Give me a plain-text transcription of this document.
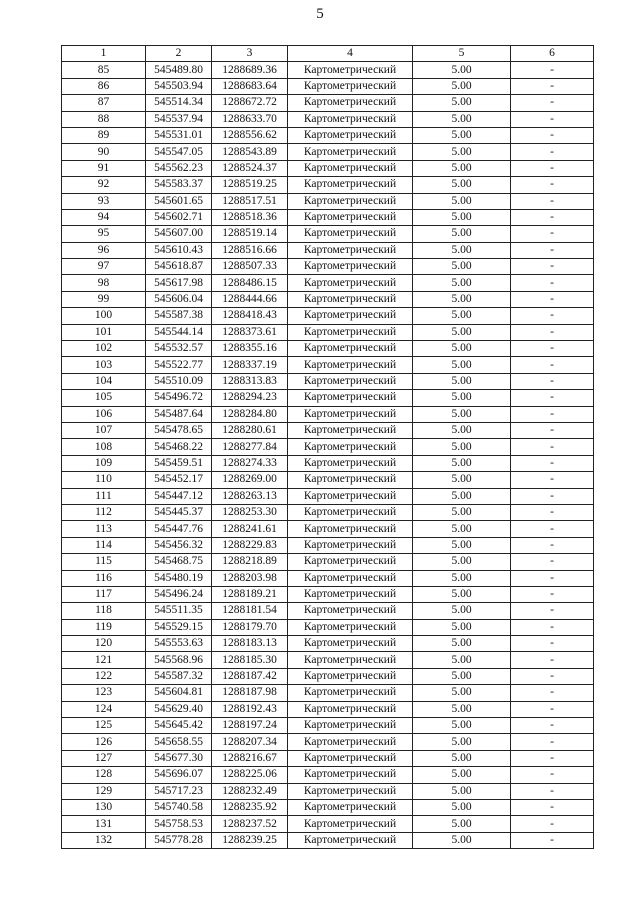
5
1	2	3	4	5	6
85	545489.80	1288689.36	Картометрический	5.00	-
86	545503.94	1288683.64	Картометрический	5.00	-
87	545514.34	1288672.72	Картометрический	5.00	-
88	545537.94	1288633.70	Картометрический	5.00	-
89	545531.01	1288556.62	Картометрический	5.00	-
90	545547.05	1288543.89	Картометрический	5.00	-
91	545562.23	1288524.37	Картометрический	5.00	-
92	545583.37	1288519.25	Картометрический	5.00	-
93	545601.65	1288517.51	Картометрический	5.00	-
94	545602.71	1288518.36	Картометрический	5.00	-
95	545607.00	1288519.14	Картометрический	5.00	-
96	545610.43	1288516.66	Картометрический	5.00	-
97	545618.87	1288507.33	Картометрический	5.00	-
98	545617.98	1288486.15	Картометрический	5.00	-
99	545606.04	1288444.66	Картометрический	5.00	-
100	545587.38	1288418.43	Картометрический	5.00	-
101	545544.14	1288373.61	Картометрический	5.00	-
102	545532.57	1288355.16	Картометрический	5.00	-
103	545522.77	1288337.19	Картометрический	5.00	-
104	545510.09	1288313.83	Картометрический	5.00	-
105	545496.72	1288294.23	Картометрический	5.00	-
106	545487.64	1288284.80	Картометрический	5.00	-
107	545478.65	1288280.61	Картометрический	5.00	-
108	545468.22	1288277.84	Картометрический	5.00	-
109	545459.51	1288274.33	Картометрический	5.00	-
110	545452.17	1288269.00	Картометрический	5.00	-
111	545447.12	1288263.13	Картометрический	5.00	-
112	545445.37	1288253.30	Картометрический	5.00	-
113	545447.76	1288241.61	Картометрический	5.00	-
114	545456.32	1288229.83	Картометрический	5.00	-
115	545468.75	1288218.89	Картометрический	5.00	-
116	545480.19	1288203.98	Картометрический	5.00	-
117	545496.24	1288189.21	Картометрический	5.00	-
118	545511.35	1288181.54	Картометрический	5.00	-
119	545529.15	1288179.70	Картометрический	5.00	-
120	545553.63	1288183.13	Картометрический	5.00	-
121	545568.96	1288185.30	Картометрический	5.00	-
122	545587.32	1288187.42	Картометрический	5.00	-
123	545604.81	1288187.98	Картометрический	5.00	-
124	545629.40	1288192.43	Картометрический	5.00	-
125	545645.42	1288197.24	Картометрический	5.00	-
126	545658.55	1288207.34	Картометрический	5.00	-
127	545677.30	1288216.67	Картометрический	5.00	-
128	545696.07	1288225.06	Картометрический	5.00	-
129	545717.23	1288232.49	Картометрический	5.00	-
130	545740.58	1288235.92	Картометрический	5.00	-
131	545758.53	1288237.52	Картометрический	5.00	-
132	545778.28	1288239.25	Картометрический	5.00	-
